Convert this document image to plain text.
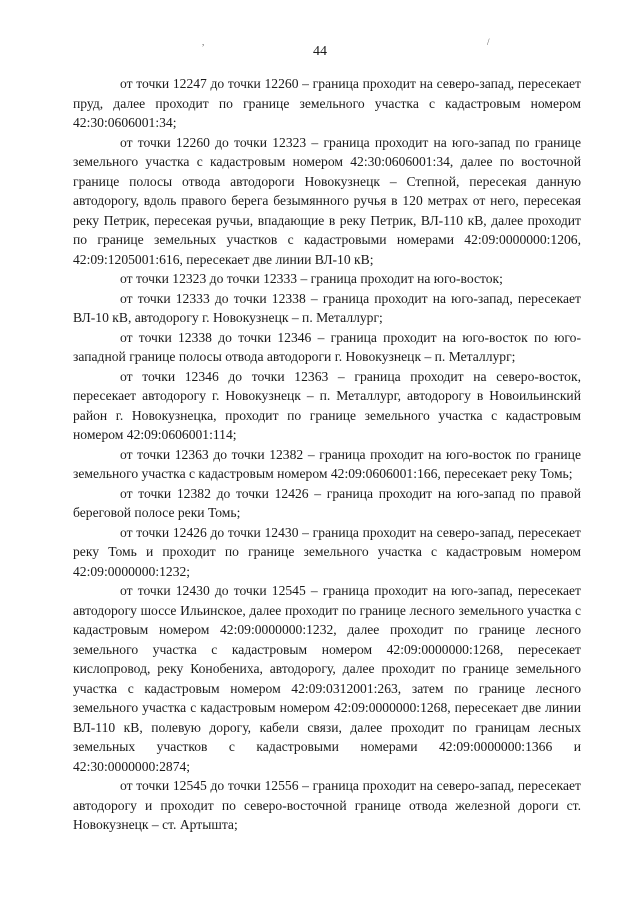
,	/
44

от точки 12247 до точки 12260 – граница проходит на северо-запад, пересекает пруд, далее проходит по границе земельного участка с кадастровым номером 42:30:0606001:34;

от точки 12260 до точки 12323 – граница проходит на юго-запад по границе земельного участка с кадастровым номером 42:30:0606001:34, далее по восточной границе полосы отвода автодороги Новокузнецк – Степной, пересекая данную автодорогу, вдоль правого берега безымянного ручья в 120 метрах от него, пересекая реку Петрик, пересекая ручьи, впадающие в реку Петрик, ВЛ-110 кВ, далее проходит по границе земельных участков с кадастровыми номерами 42:09:0000000:1206, 42:09:1205001:616, пересекает две линии ВЛ-10 кВ;

от точки 12323 до точки 12333 – граница проходит на юго-восток;

от точки 12333 до точки 12338 – граница проходит на юго-запад, пересекает ВЛ-10 кВ, автодорогу г. Новокузнецк – п. Металлург;

от точки 12338 до точки 12346 – граница проходит на юго-восток по юго-западной границе полосы отвода автодороги г. Новокузнецк – п. Металлург;

от точки 12346 до точки 12363 – граница проходит на северо-восток, пересекает автодорогу г. Новокузнецк – п. Металлург, автодорогу в Новоильинский район г. Новокузнецка, проходит по границе земельного участка с кадастровым номером 42:09:0606001:114;

от точки 12363 до точки 12382 – граница проходит на юго-восток по границе земельного участка с кадастровым номером 42:09:0606001:166, пересекает реку Томь;

от точки 12382 до точки 12426 – граница проходит на юго-запад по правой береговой полосе реки Томь;

от точки 12426 до точки 12430 – граница проходит на северо-запад, пересекает реку Томь и проходит по границе земельного участка с кадастровым номером 42:09:0000000:1232;

от точки 12430 до точки 12545 – граница проходит на юго-запад, пересекает автодорогу шоссе Ильинское, далее проходит по границе лесного земельного участка с кадастровым номером 42:09:0000000:1232, далее проходит по границе лесного земельного участка с кадастровым номером 42:09:0000000:1268, пересекает кислопровод, реку Конобениха, автодорогу, далее проходит по границе земельного участка с кадастровым номером 42:09:0312001:263, затем по границе лесного земельного участка с кадастровым номером 42:09:0000000:1268, пересекает две линии ВЛ-110 кВ, полевую дорогу, кабели связи, далее проходит по границам лесных земельных участков с кадастровыми номерами 42:09:0000000:1366 и 42:30:0000000:2874;

от точки 12545 до точки 12556 – граница проходит на северо-запад, пересекает автодорогу и проходит по северо-восточной границе отвода железной дороги ст. Новокузнецк – ст. Артышта;
